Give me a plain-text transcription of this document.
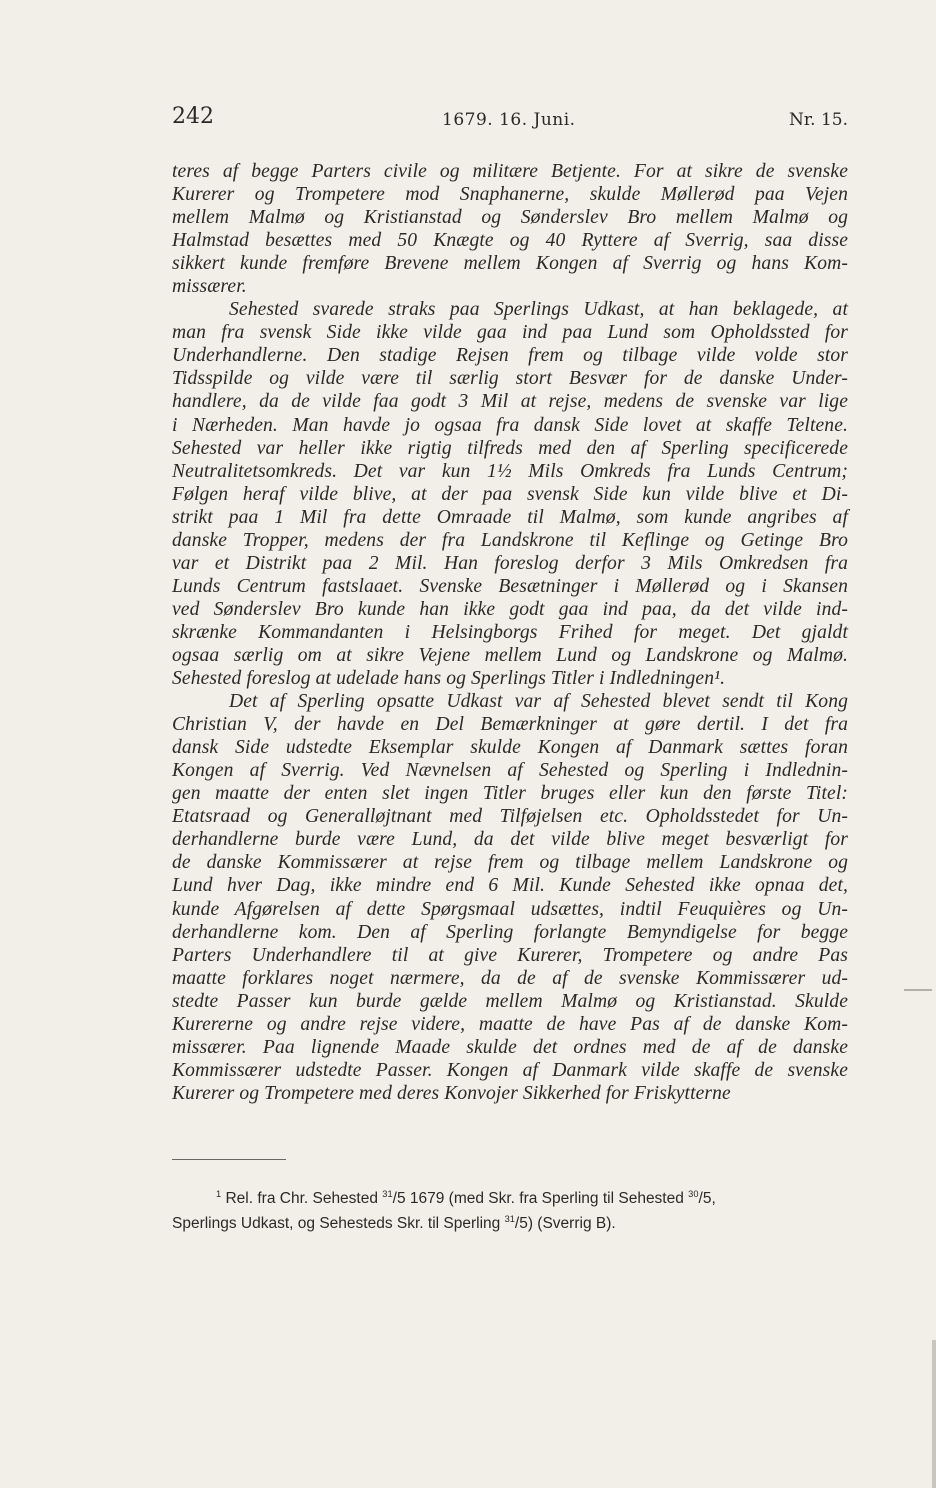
242	1679. 16. Juni.	Nr. 15.
teres af begge Parters civile og militære Betjente. For at sikre de svenske
Kurerer og Trompetere mod Snaphanerne, skulde Møllerød paa Vejen
mellem Malmø og Kristianstad og Sønderslev Bro mellem Malmø og
Halmstad besættes med 50 Knægte og 40 Ryttere af Sverrig, saa disse
sikkert kunde fremføre Brevene mellem Kongen af Sverrig og hans Kom-
missærer.
Sehested svarede straks paa Sperlings Udkast, at han beklagede, at
man fra svensk Side ikke vilde gaa ind paa Lund som Opholdssted for
Underhandlerne. Den stadige Rejsen frem og tilbage vilde volde stor
Tidsspilde og vilde være til særlig stort Besvær for de danske Under-
handlere, da de vilde faa godt 3 Mil at rejse, medens de svenske var lige
i Nærheden. Man havde jo ogsaa fra dansk Side lovet at skaffe Teltene.
Sehested var heller ikke rigtig tilfreds med den af Sperling specificerede
Neutralitetsomkreds. Det var kun 1½ Mils Omkreds fra Lunds Centrum;
Følgen heraf vilde blive, at der paa svensk Side kun vilde blive et Di-
strikt paa 1 Mil fra dette Omraade til Malmø, som kunde angribes af
danske Tropper, medens der fra Landskrone til Keflinge og Getinge Bro
var et Distrikt paa 2 Mil. Han foreslog derfor 3 Mils Omkredsen fra
Lunds Centrum fastslaaet. Svenske Besætninger i Møllerød og i Skansen
ved Sønderslev Bro kunde han ikke godt gaa ind paa, da det vilde ind-
skrænke Kommandanten i Helsingborgs Frihed for meget. Det gjaldt
ogsaa særlig om at sikre Vejene mellem Lund og Landskrone og Malmø.
Sehested foreslog at udelade hans og Sperlings Titler i Indledningen¹.
Det af Sperling opsatte Udkast var af Sehested blevet sendt til Kong
Christian V, der havde en Del Bemærkninger at gøre dertil. I det fra
dansk Side udstedte Eksemplar skulde Kongen af Danmark sættes foran
Kongen af Sverrig. Ved Nævnelsen af Sehested og Sperling i Indlednin-
gen maatte der enten slet ingen Titler bruges eller kun den første Titel:
Etatsraad og Generalløjtnant med Tilføjelsen etc. Opholdsstedet for Un-
derhandlerne burde være Lund, da det vilde blive meget besværligt for
de danske Kommissærer at rejse frem og tilbage mellem Landskrone og
Lund hver Dag, ikke mindre end 6 Mil. Kunde Sehested ikke opnaa det,
kunde Afgørelsen af dette Spørgsmaal udsættes, indtil Feuquières og Un-
derhandlerne kom. Den af Sperling forlangte Bemyndigelse for begge
Parters Underhandlere til at give Kurerer, Trompetere og andre Pas
maatte forklares noget nærmere, da de af de svenske Kommissærer ud-
stedte Passer kun burde gælde mellem Malmø og Kristianstad. Skulde
Kurererne og andre rejse videre, maatte de have Pas af de danske Kom-
missærer. Paa lignende Maade skulde det ordnes med de af de danske
Kommissærer udstedte Passer. Kongen af Danmark vilde skaffe de svenske
Kurerer og Trompetere med deres Konvojer Sikkerhed for Friskytterne
$^1$ Rel. fra Chr. Sehested $^{31}$/5 1679 (med Skr. fra Sperling til Sehested $^{30}$/5,
Sperlings Udkast, og Sehesteds Skr. til Sperling $^{31}$/5) (Sverrig B).
